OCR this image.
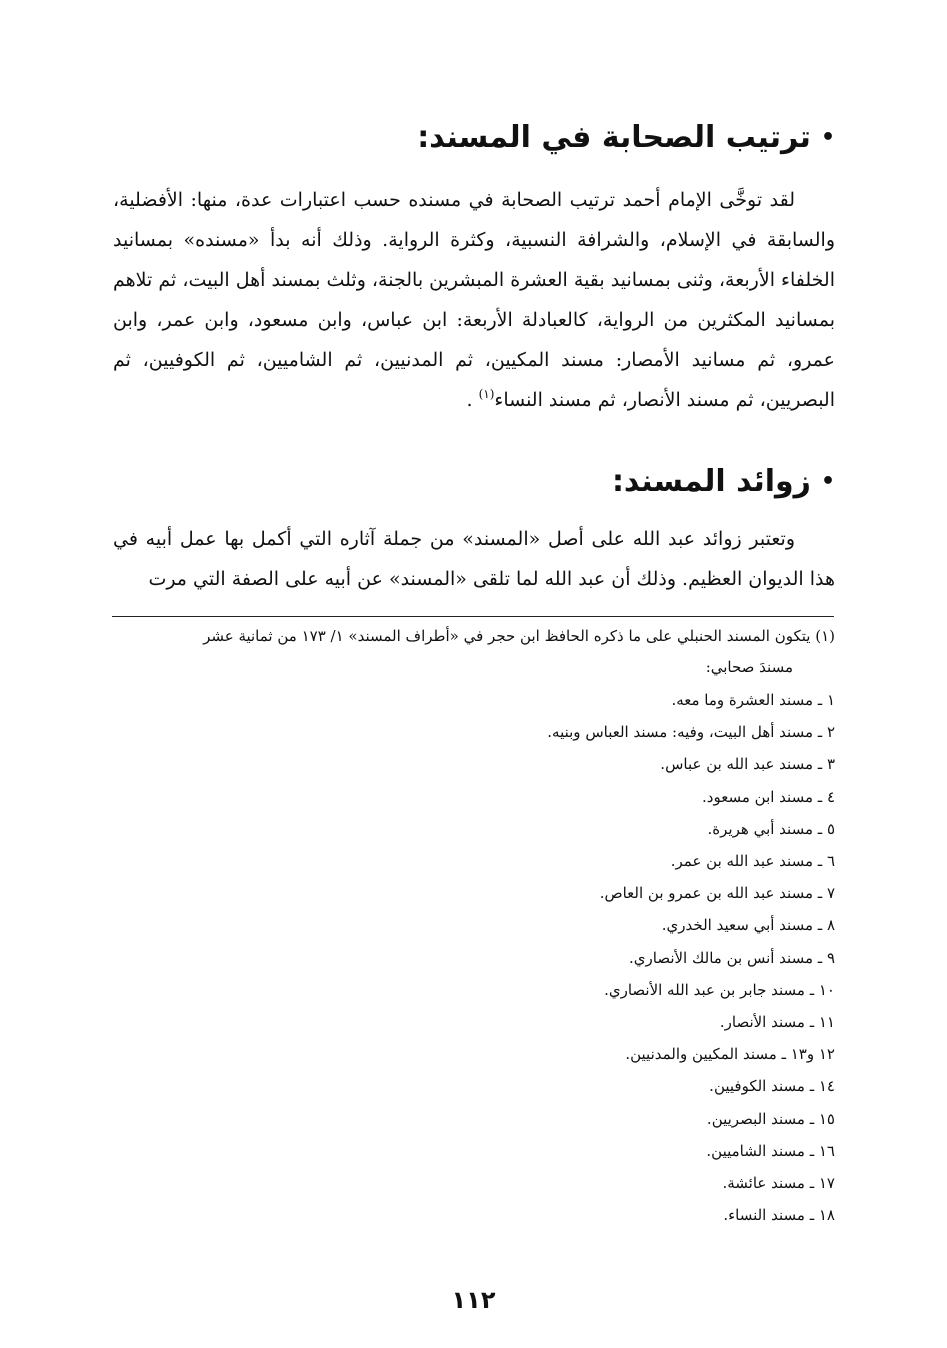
•ترتيب الصحابة في المسند:

لقد توخَّى الإمام أحمد ترتيب الصحابة في مسنده حسب اعتبارات عدة، منها: الأفضلية، والسابقة في الإسلام، والشرافة النسبية، وكثرة الرواية. وذلك أنه بدأ «مسنده» بمسانيد الخلفاء الأربعة، وثنى بمسانيد بقية العشرة المبشرين بالجنة، وثلث بمسند أهل البيت، ثم تلاهم بمسانيد المكثرين من الرواية، كالعبادلة الأربعة: ابن عباس، وابن مسعود، وابن عمر، وابن عمرو، ثم مسانيد الأمصار: مسند المكيين، ثم المدنيين، ثم الشاميين، ثم الكوفيين، ثم البصريين، ثم مسند الأنصار، ثم مسند النساء$^{(١)}$ .

•زوائد المسند:

وتعتبر زوائد عبد الله على أصل «المسند» من جملة آثاره التي أكمل بها عمل أبيه في هذا الديوان العظيم. وذلك أن عبد الله لما تلقى «المسند» عن أبيه على الصفة التي مرت

(١) يتكون المسند الحنبلي على ما ذكره الحافظ ابن حجر في «أطراف المسند» ١/ ١٧٣ من ثمانية عشر
مسندَ صحابي:

١ ـ مسند العشرة وما معه.
٢ ـ مسند أهل البيت، وفيه: مسند العباس وبنيه.
٣ ـ مسند عبد الله بن عباس.
٤ ـ مسند ابن مسعود.
٥ ـ مسند أبي هريرة.
٦ ـ مسند عبد الله بن عمر.
٧ ـ مسند عبد الله بن عمرو بن العاص.
٨ ـ مسند أبي سعيد الخدري.
٩ ـ مسند أنس بن مالك الأنصاري.
١٠ ـ مسند جابر بن عبد الله الأنصاري.
١١ ـ مسند الأنصار.
١٢ و١٣ ـ مسند المكيين والمدنيين.
١٤ ـ مسند الكوفيين.
١٥ ـ مسند البصريين.
١٦ ـ مسند الشاميين.
١٧ ـ مسند عائشة.
١٨ ـ مسند النساء.
١١٢
